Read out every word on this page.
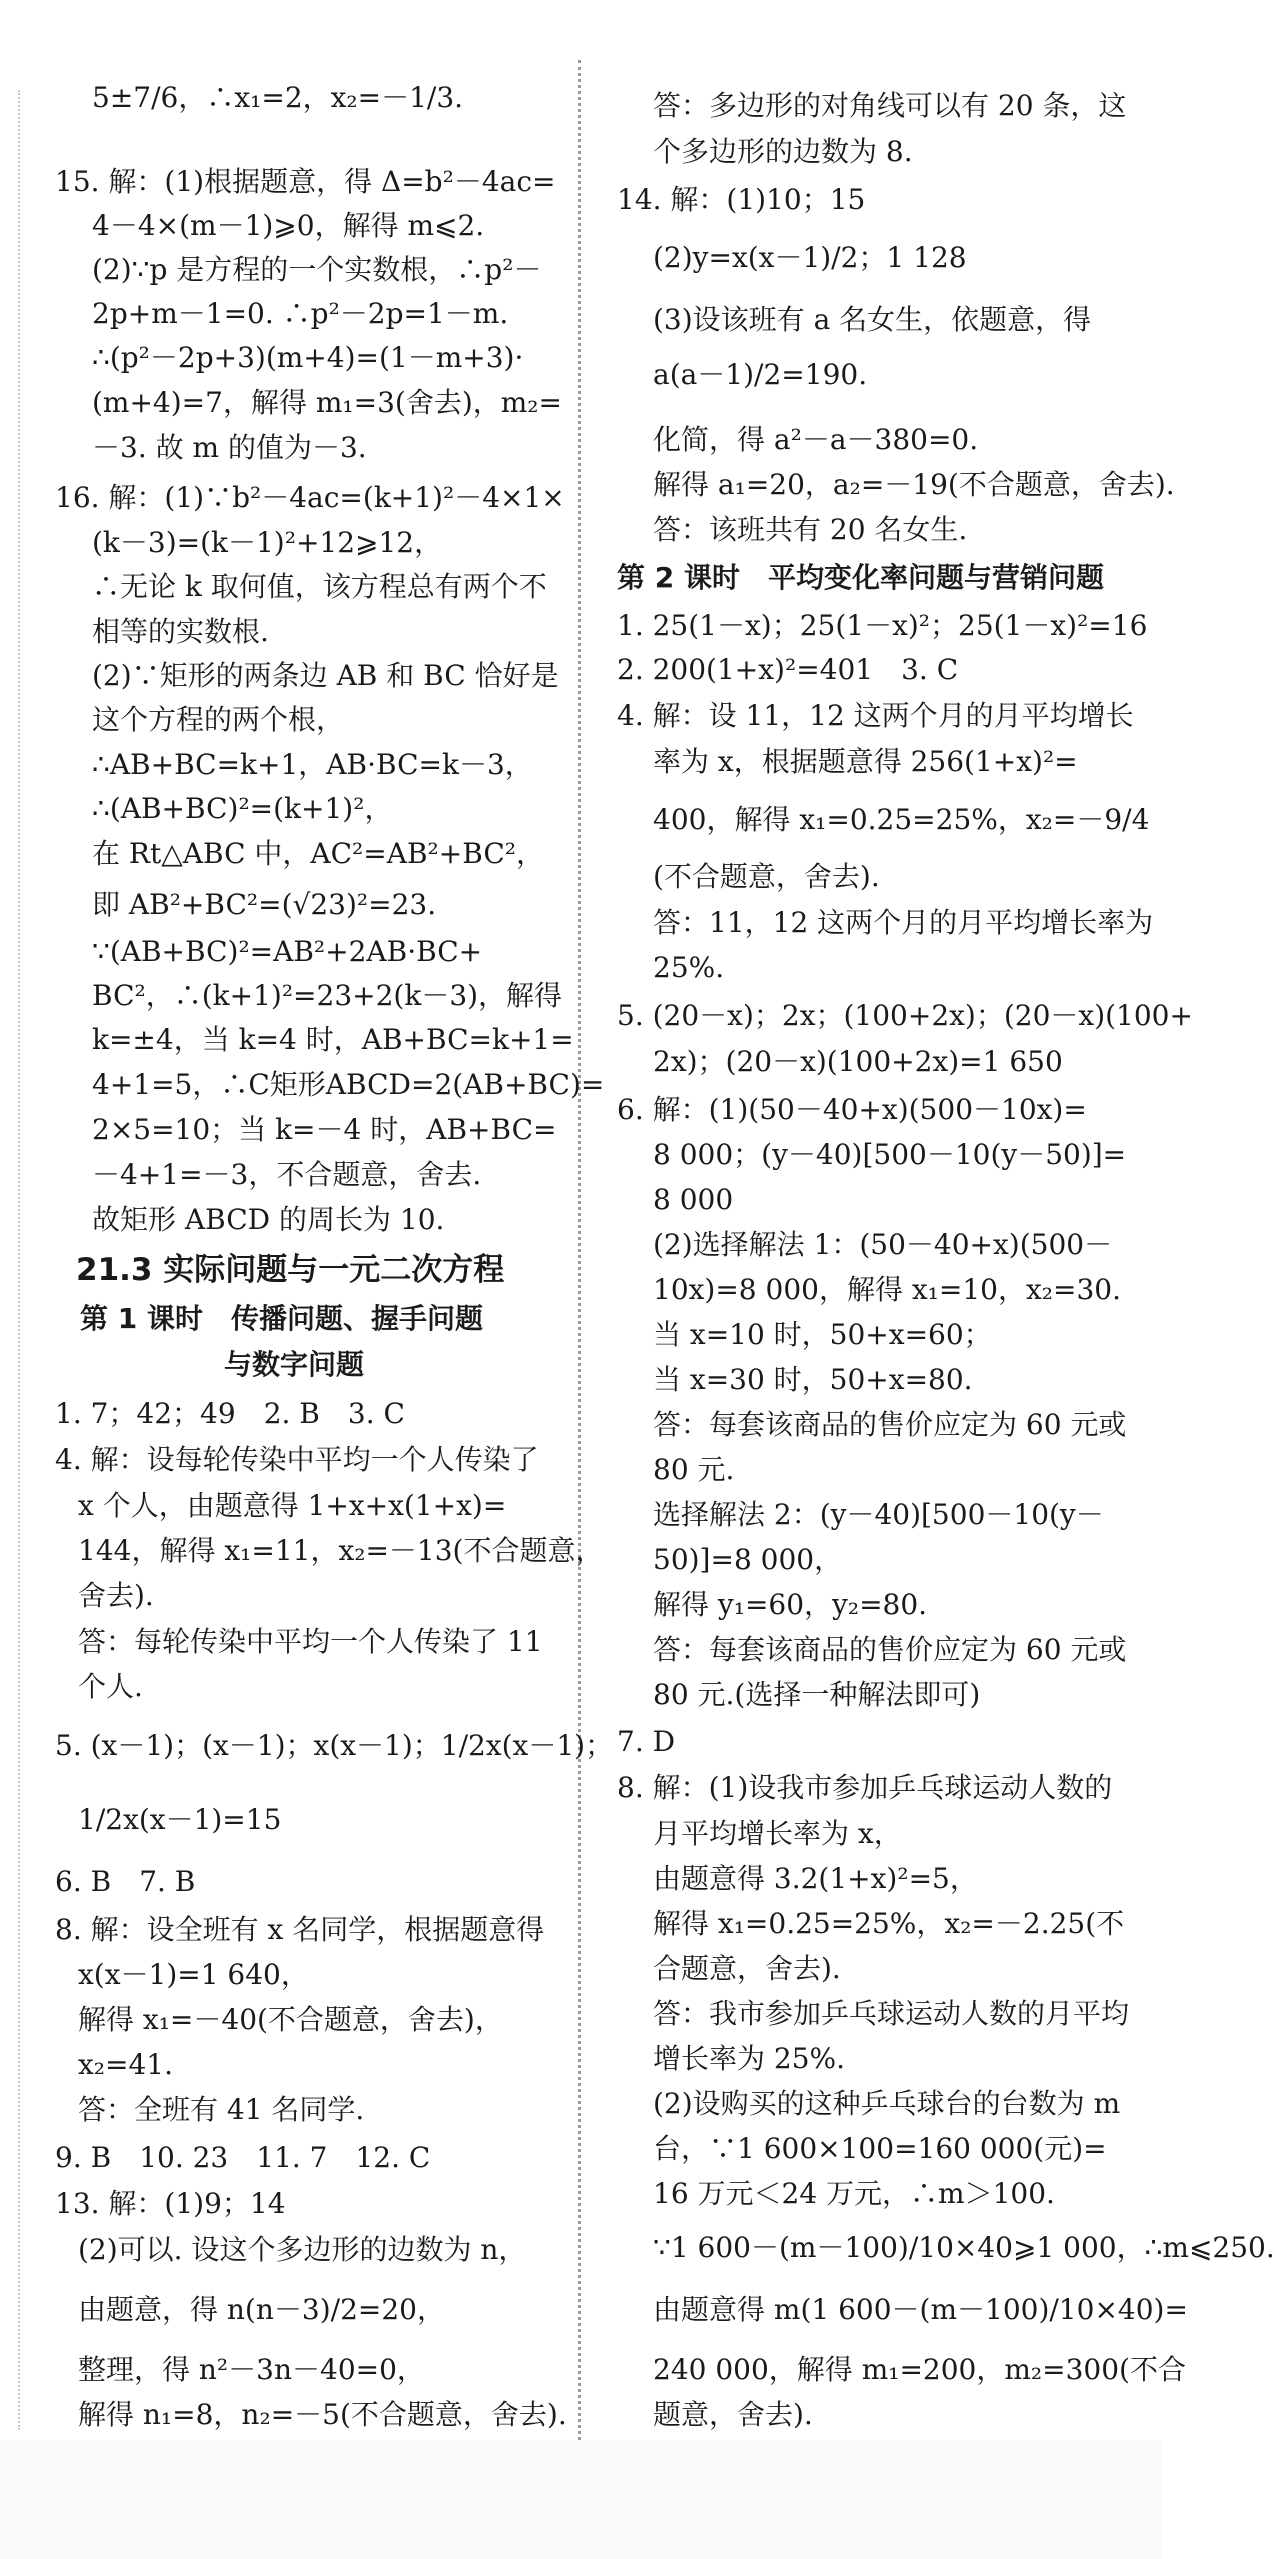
5±7/6，∴x₁=2，x₂=－1/3.
15. 解：(1)根据题意，得 Δ=b²－4ac=
4－4×(m－1)⩾0，解得 m⩽2.
(2)∵p 是方程的一个实数根，∴p²－
2p+m－1=0. ∴p²－2p=1－m.
∴(p²－2p+3)(m+4)=(1－m+3)·
(m+4)=7，解得 m₁=3(舍去)，m₂=
－3. 故 m 的值为－3.
16. 解：(1)∵b²－4ac=(k+1)²－4×1×
(k－3)=(k－1)²+12⩾12，
∴无论 k 取何值，该方程总有两个不
相等的实数根.
(2)∵矩形的两条边 AB 和 BC 恰好是
这个方程的两个根，
∴AB+BC=k+1，AB·BC=k－3，
∴(AB+BC)²=(k+1)²，
在 Rt△ABC 中，AC²=AB²+BC²，
即 AB²+BC²=(√23)²=23.
∵(AB+BC)²=AB²+2AB·BC+
BC²，∴(k+1)²=23+2(k－3)，解得
k=±4，当 k=4 时，AB+BC=k+1=
4+1=5，∴C矩形ABCD=2(AB+BC)=
2×5=10；当 k=－4 时，AB+BC=
－4+1=－3，不合题意，舍去.
故矩形 ABCD 的周长为 10.
21.3 实际问题与一元二次方程
第 1 课时　传播问题、握手问题
与数字问题
1. 7；42；49　2. B　3. C
4. 解：设每轮传染中平均一个人传染了
x 个人，由题意得 1+x+x(1+x)=
144，解得 x₁=11，x₂=－13(不合题意，
舍去).
答：每轮传染中平均一个人传染了 11
个人.
5. (x－1)；(x－1)；x(x－1)；1/2x(x－1)；
1/2x(x－1)=15
6. B　7. B
8. 解：设全班有 x 名同学，根据题意得
x(x－1)=1 640，
解得 x₁=－40(不合题意，舍去)，
x₂=41.
答：全班有 41 名同学.
9. B　10. 23　11. 7　12. C
13. 解：(1)9；14
(2)可以. 设这个多边形的边数为 n，
由题意，得 n(n－3)/2=20，
整理，得 n²－3n－40=0，
解得 n₁=8，n₂=－5(不合题意，舍去).
答：多边形的对角线可以有 20 条，这
个多边形的边数为 8.
14. 解：(1)10；15
(2)y=x(x－1)/2；1 128
(3)设该班有 a 名女生，依题意，得
a(a－1)/2=190.
化简，得 a²－a－380=0.
解得 a₁=20，a₂=－19(不合题意，舍去).
答：该班共有 20 名女生.
第 2 课时　平均变化率问题与营销问题
1. 25(1－x)；25(1－x)²；25(1－x)²=16
2. 200(1+x)²=401　3. C
4. 解：设 11，12 这两个月的月平均增长
率为 x，根据题意得 256(1+x)²=
400，解得 x₁=0.25=25%，x₂=－9/4
(不合题意，舍去).
答：11，12 这两个月的月平均增长率为
25%.
5. (20－x)；2x；(100+2x)；(20－x)(100+
2x)；(20－x)(100+2x)=1 650
6. 解：(1)(50－40+x)(500－10x)=
8 000；(y－40)[500－10(y－50)]=
8 000
(2)选择解法 1：(50－40+x)(500－
10x)=8 000，解得 x₁=10，x₂=30.
当 x=10 时，50+x=60；
当 x=30 时，50+x=80.
答：每套该商品的售价应定为 60 元或
80 元.
选择解法 2：(y－40)[500－10(y－
50)]=8 000，
解得 y₁=60，y₂=80.
答：每套该商品的售价应定为 60 元或
80 元.(选择一种解法即可)
7. D
8. 解：(1)设我市参加乒乓球运动人数的
月平均增长率为 x，
由题意得 3.2(1+x)²=5，
解得 x₁=0.25=25%，x₂=－2.25(不
合题意，舍去).
答：我市参加乒乓球运动人数的月平均
增长率为 25%.
(2)设购买的这种乒乓球台的台数为 m
台，∵1 600×100=160 000(元)=
16 万元＜24 万元，∴m＞100.
∵1 600－(m－100)/10×40⩾1 000，∴m⩽250.
由题意得 m(1 600－(m－100)/10×40)=
240 000，解得 m₁=200，m₂=300(不合
题意，舍去).
